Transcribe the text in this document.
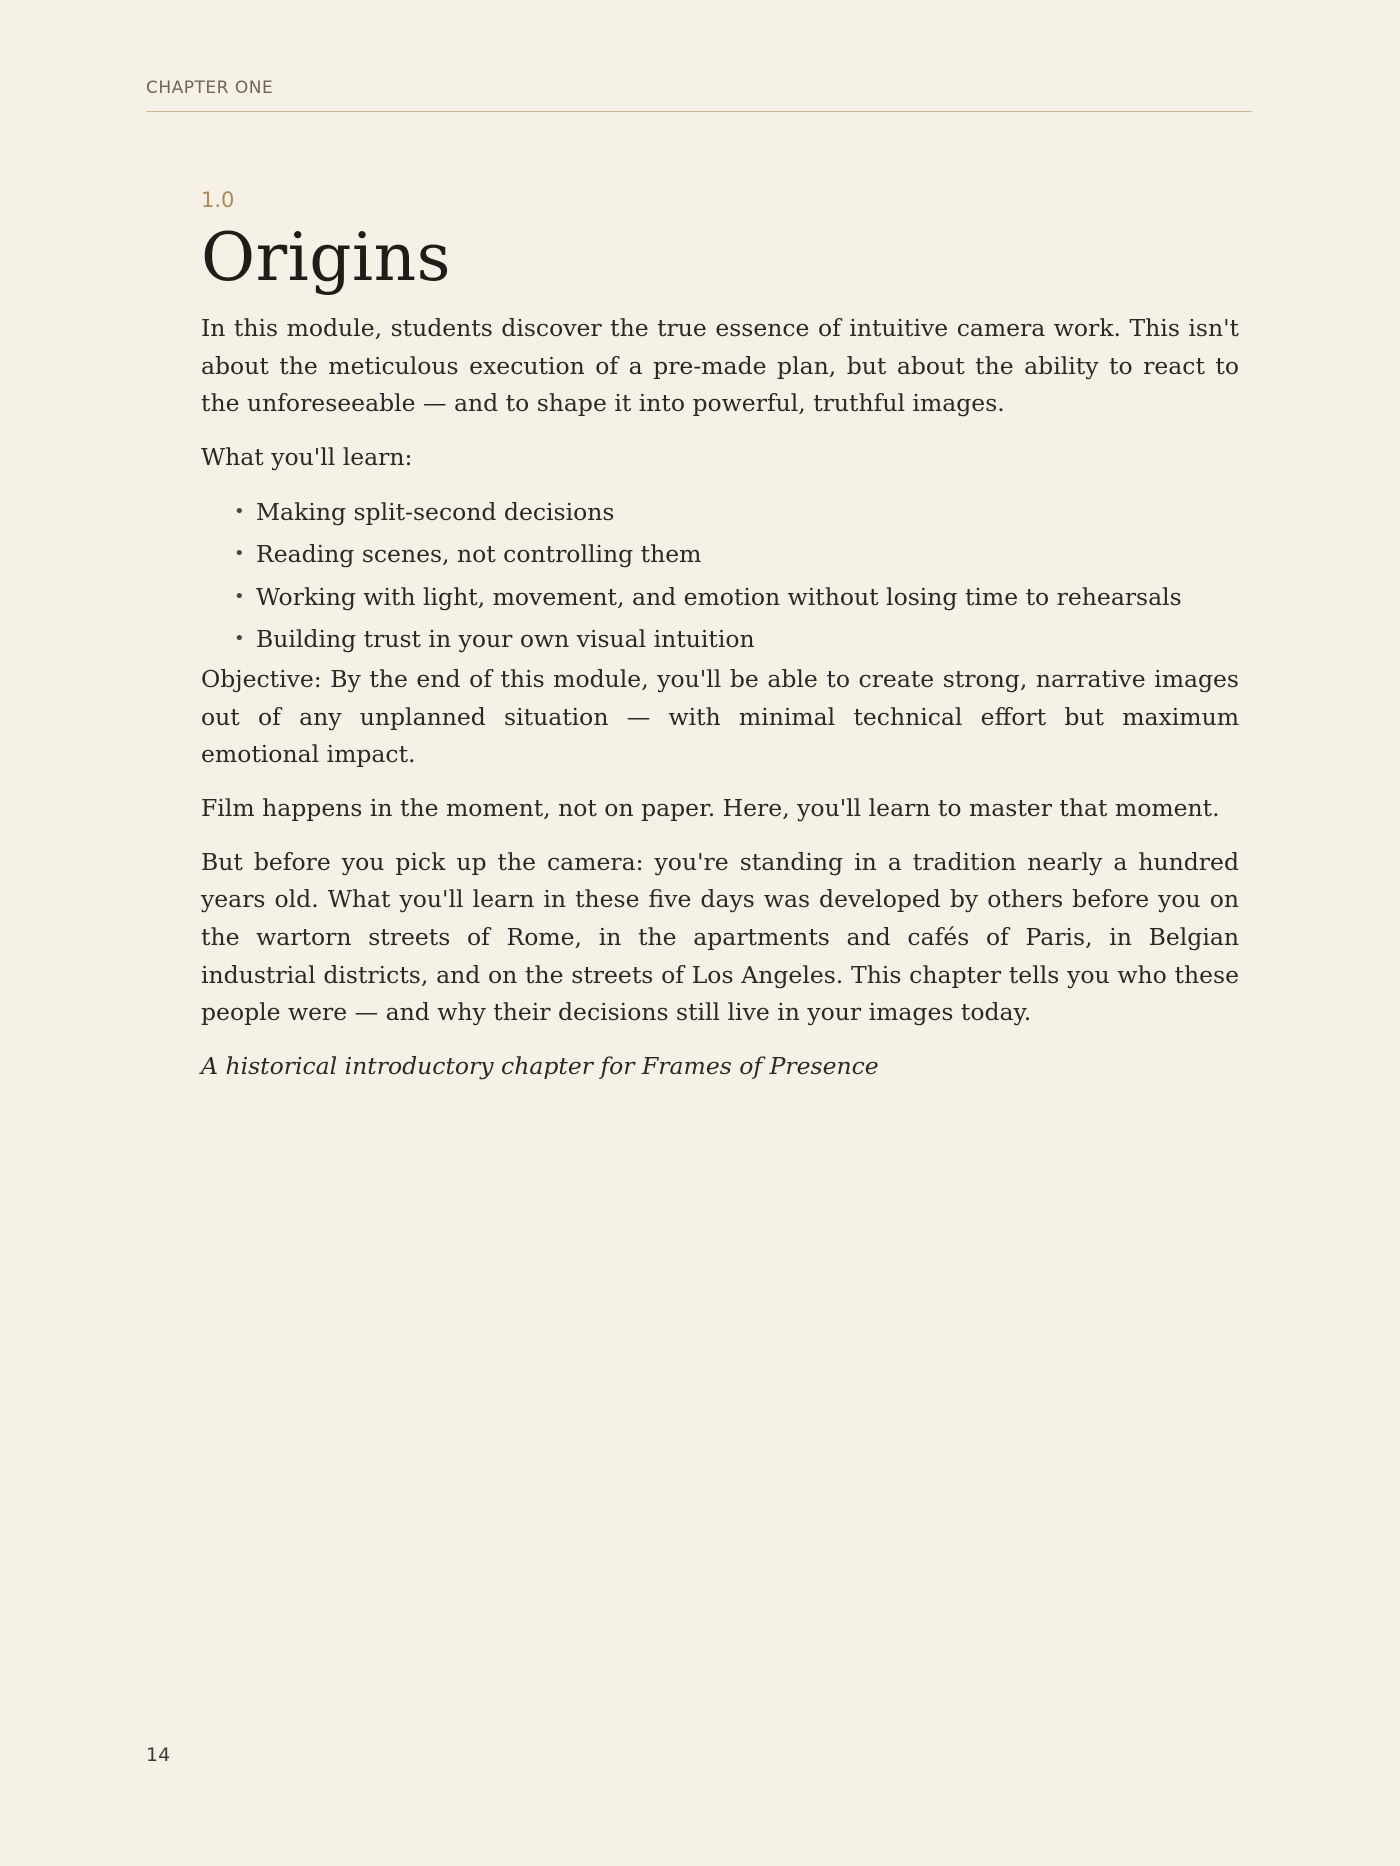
CHAPTER ONE

1.0

Origins

In this module, students discover the true essence of intuitive camera work. This isn't about the meticulous execution of a pre-made plan, but about the ability to react to the unforeseeable — and to shape it into powerful, truthful images.

What you'll learn:

• Making split-second decisions
• Reading scenes, not controlling them
• Working with light, movement, and emotion without losing time to rehearsals
• Building trust in your own visual intuition

Objective: By the end of this module, you'll be able to create strong, narrative images out of any unplanned situation — with minimal technical effort but maximum emotional impact.

Film happens in the moment, not on paper. Here, you'll learn to master that moment.

But before you pick up the camera: you're standing in a tradition nearly a hundred years old. What you'll learn in these five days was developed by others before you on the wartorn streets of Rome, in the apartments and cafés of Paris, in Belgian industrial districts, and on the streets of Los Angeles. This chapter tells you who these people were — and why their decisions still live in your images today.

A historical introductory chapter for Frames of Presence

14
